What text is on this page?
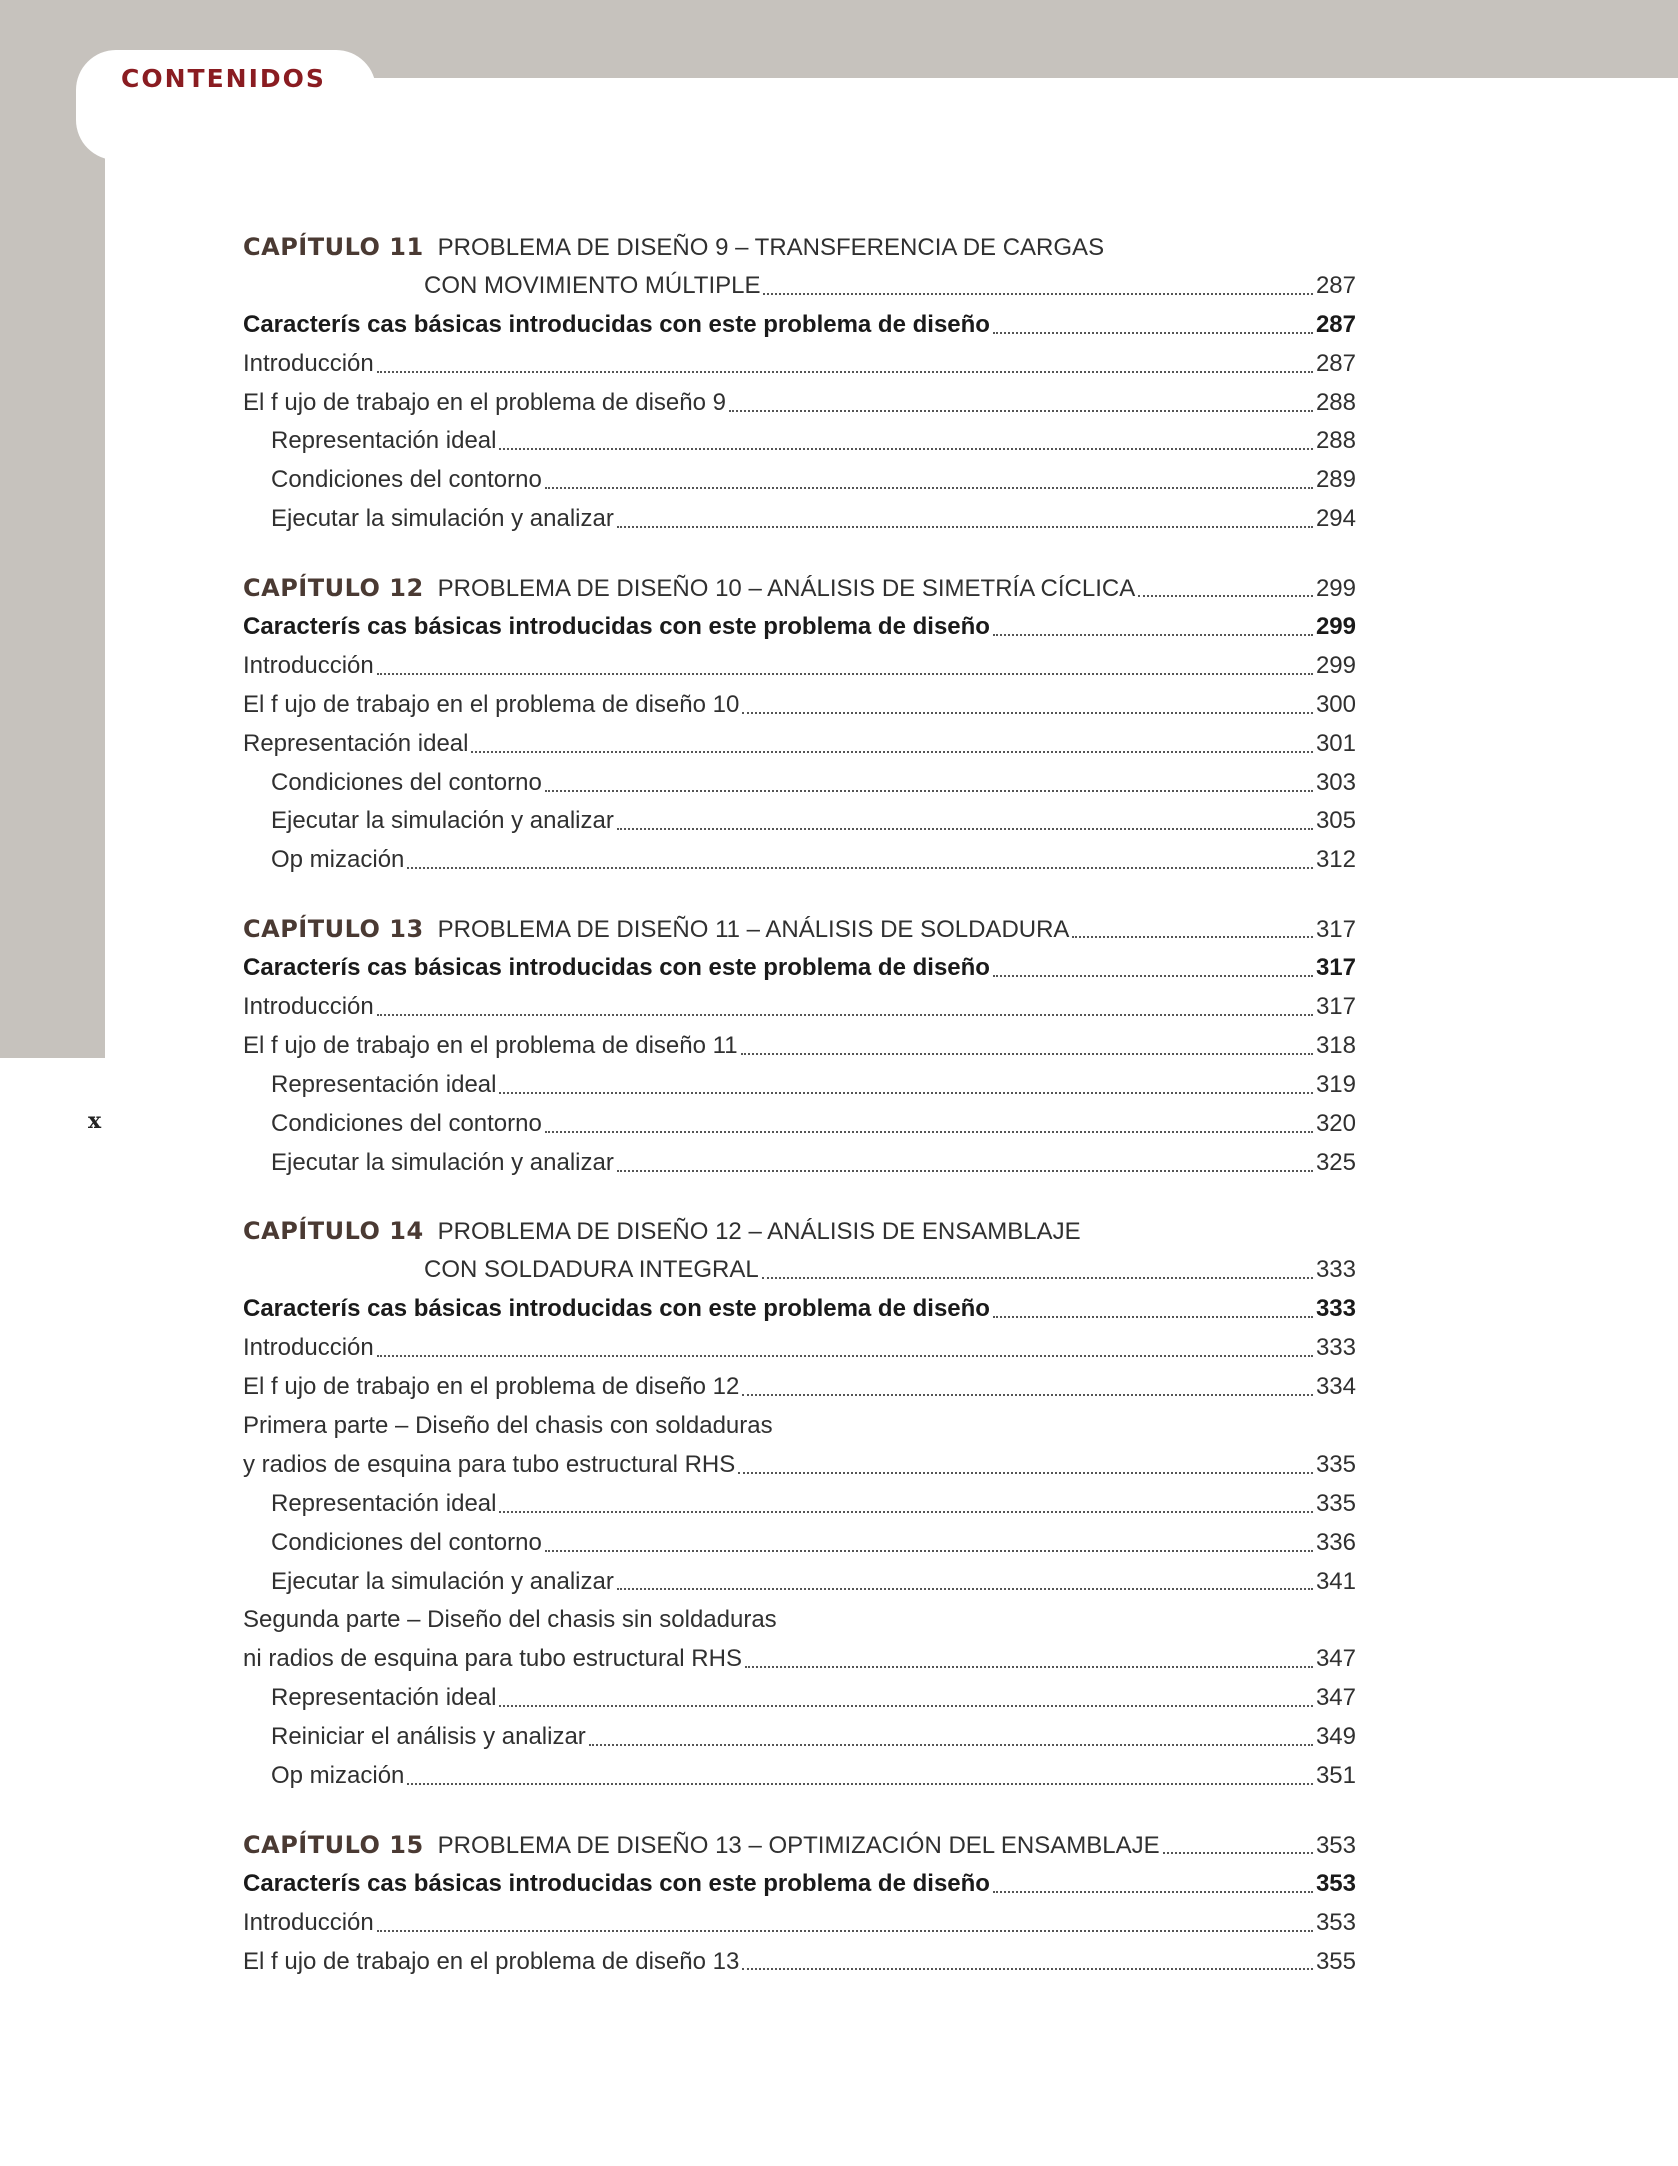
CONTENIDOS
x
CAPÍTULO 11 PROBLEMA DE DISEÑO 9 – TRANSFERENCIA DE CARGAS
CON MOVIMIENTO MÚLTIPLE	287
Caracterís cas básicas introducidas con este problema de diseño	287
Introducción	287
El f ujo de trabajo en el problema de diseño 9	288
Representación ideal	288
Condiciones del contorno	289
Ejecutar la simulación y analizar	294
CAPÍTULO 12 PROBLEMA DE DISEÑO 10 – ANÁLISIS DE SIMETRÍA CÍCLICA	299
Caracterís cas básicas introducidas con este problema de diseño	299
Introducción	299
El f ujo de trabajo en el problema de diseño 10	300
Representación ideal	301
Condiciones del contorno	303
Ejecutar la simulación y analizar	305
Op mización	312
CAPÍTULO 13 PROBLEMA DE DISEÑO 11 – ANÁLISIS DE SOLDADURA	317
Caracterís cas básicas introducidas con este problema de diseño	317
Introducción	317
El f ujo de trabajo en el problema de diseño 11	318
Representación ideal	319
Condiciones del contorno	320
Ejecutar la simulación y analizar	325
CAPÍTULO 14 PROBLEMA DE DISEÑO 12 – ANÁLISIS DE ENSAMBLAJE
CON SOLDADURA INTEGRAL	333
Caracterís cas básicas introducidas con este problema de diseño	333
Introducción	333
El f ujo de trabajo en el problema de diseño 12	334
Primera parte – Diseño del chasis con soldaduras
y radios de esquina para tubo estructural RHS	335
Representación ideal	335
Condiciones del contorno	336
Ejecutar la simulación y analizar	341
Segunda parte – Diseño del chasis sin soldaduras
ni radios de esquina para tubo estructural RHS	347
Representación ideal	347
Reiniciar el análisis y analizar	349
Op mización	351
CAPÍTULO 15 PROBLEMA DE DISEÑO 13 – OPTIMIZACIÓN DEL ENSAMBLAJE	353
Caracterís cas básicas introducidas con este problema de diseño	353
Introducción	353
El f ujo de trabajo en el problema de diseño 13	355
